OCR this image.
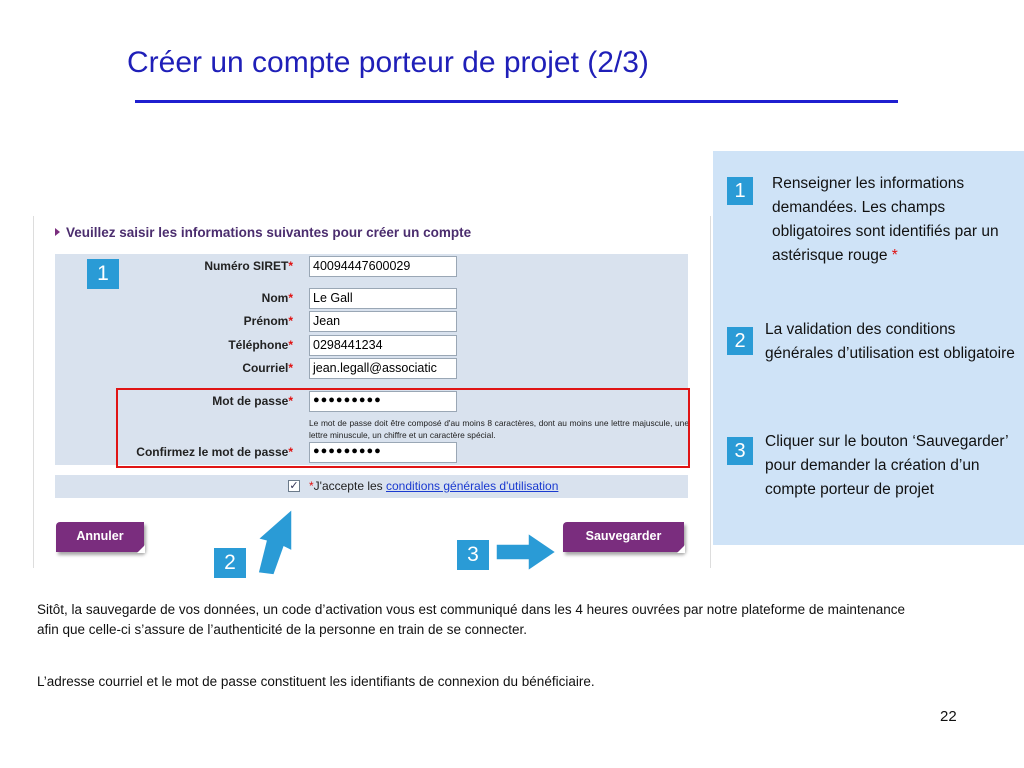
Créer un compte porteur de projet (2/3)
Veuillez saisir les informations suivantes pour créer un compte
Numéro SIRET*	40094447600029
Nom*	Le Gall
Prénom*	Jean
Téléphone*	0298441234
Courriel*	jean.legall@associatic
Mot de passe*	●●●●●●●●●
Le mot de passe doit être composé d'au moins 8 caractères, dont au moins une lettre majuscule, une lettre minuscule, un chiffre et un caractère spécial.
Confirmez le mot de passe*	●●●●●●●●●
✓ *J'accepte les conditions générales d'utilisation
Annuler	Sauvegarder
1
2	3
1	Renseigner les informations demandées. Les champs obligatoires sont identifiés par un astérisque rouge *
2
La validation des conditions générales d’utilisation est obligatoire
3	Cliquer sur le bouton ‘Sauvegarder’ pour demander la création d’un compte porteur de projet
Sitôt, la sauvegarde de vos données, un code d’activation vous est communiqué dans les 4 heures ouvrées par notre plateforme de maintenance afin que celle-ci s’assure de l’authenticité de la personne en train de se connecter.
L’adresse courriel et le mot de passe constituent les identifiants de connexion du bénéficiaire.
22
